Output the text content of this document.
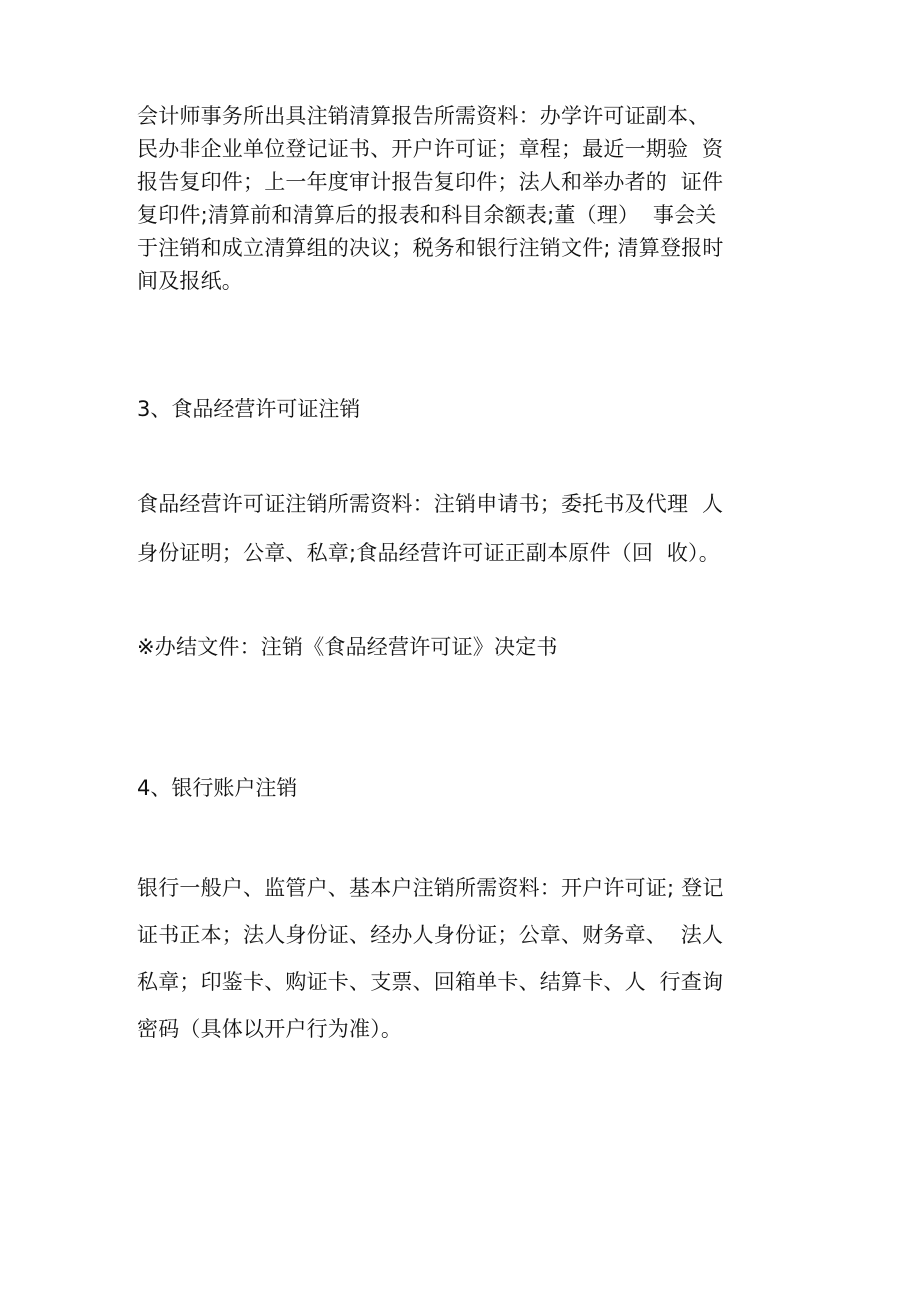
会计师事务所出具注销清算报告所需资料：办学许可证副本、
民办非企业单位登记证书、开户许可证；章程；最近一期验  资
报告复印件；上一年度审计报告复印件；法人和举办者的  证件
复印件;清算前和清算后的报表和科目余额表;董（理）  事会关
于注销和成立清算组的决议；税务和银行注销文件; 清算登报时
间及报纸。
3、食品经营许可证注销
食品经营许可证注销所需资料：注销申请书；委托书及代理  人
身份证明；公章、私章;食品经营许可证正副本原件（回  收）。
※办结文件：注销《食品经营许可证》决定书
4、银行账户注销
银行一般户、监管户、基本户注销所需资料：开户许可证; 登记
证书正本；法人身份证、经办人身份证；公章、财务章、  法人
私章；印鉴卡、购证卡、支票、回箱单卡、结算卡、人  行查询
密码（具体以开户行为准）。
